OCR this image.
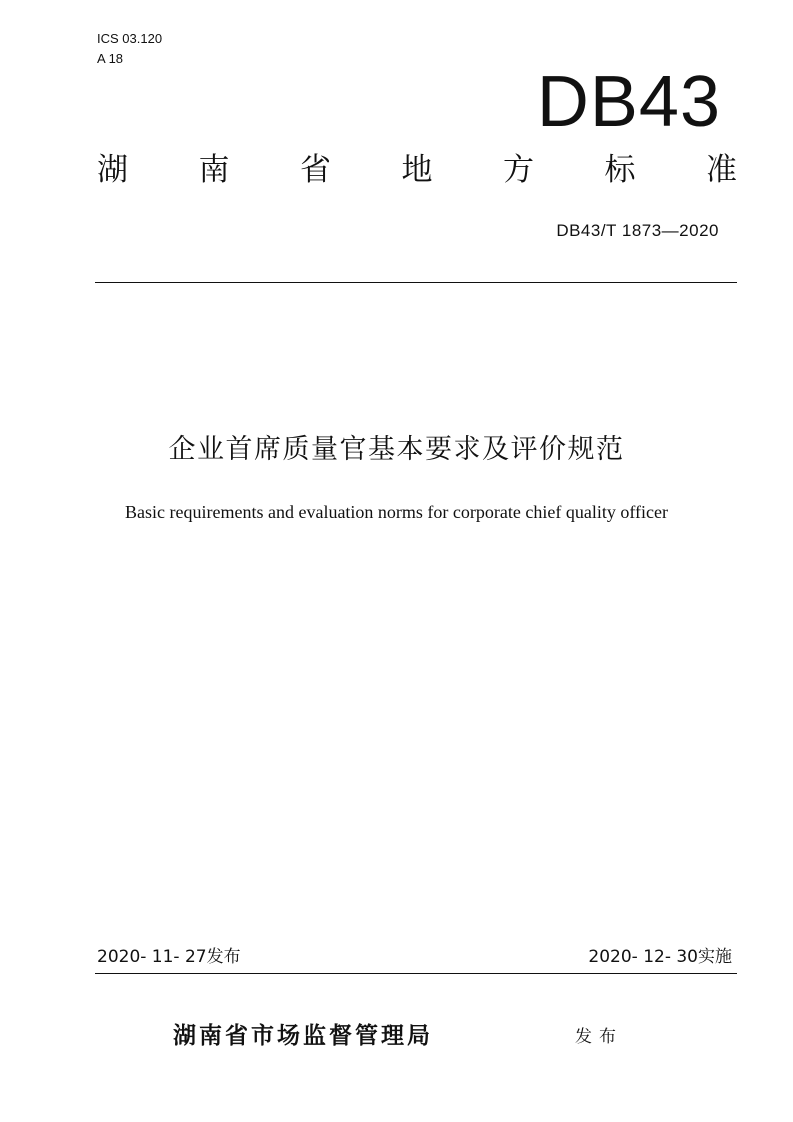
ICS 03.120
A 18
DB43
湖 南 省 地 方 标 准
DB43/T 1873—2020
企业首席质量官基本要求及评价规范
Basic requirements and evaluation norms for corporate chief quality officer
2020- 11- 27发布	2020- 12- 30实施
湖南省市场监督管理局	发布
